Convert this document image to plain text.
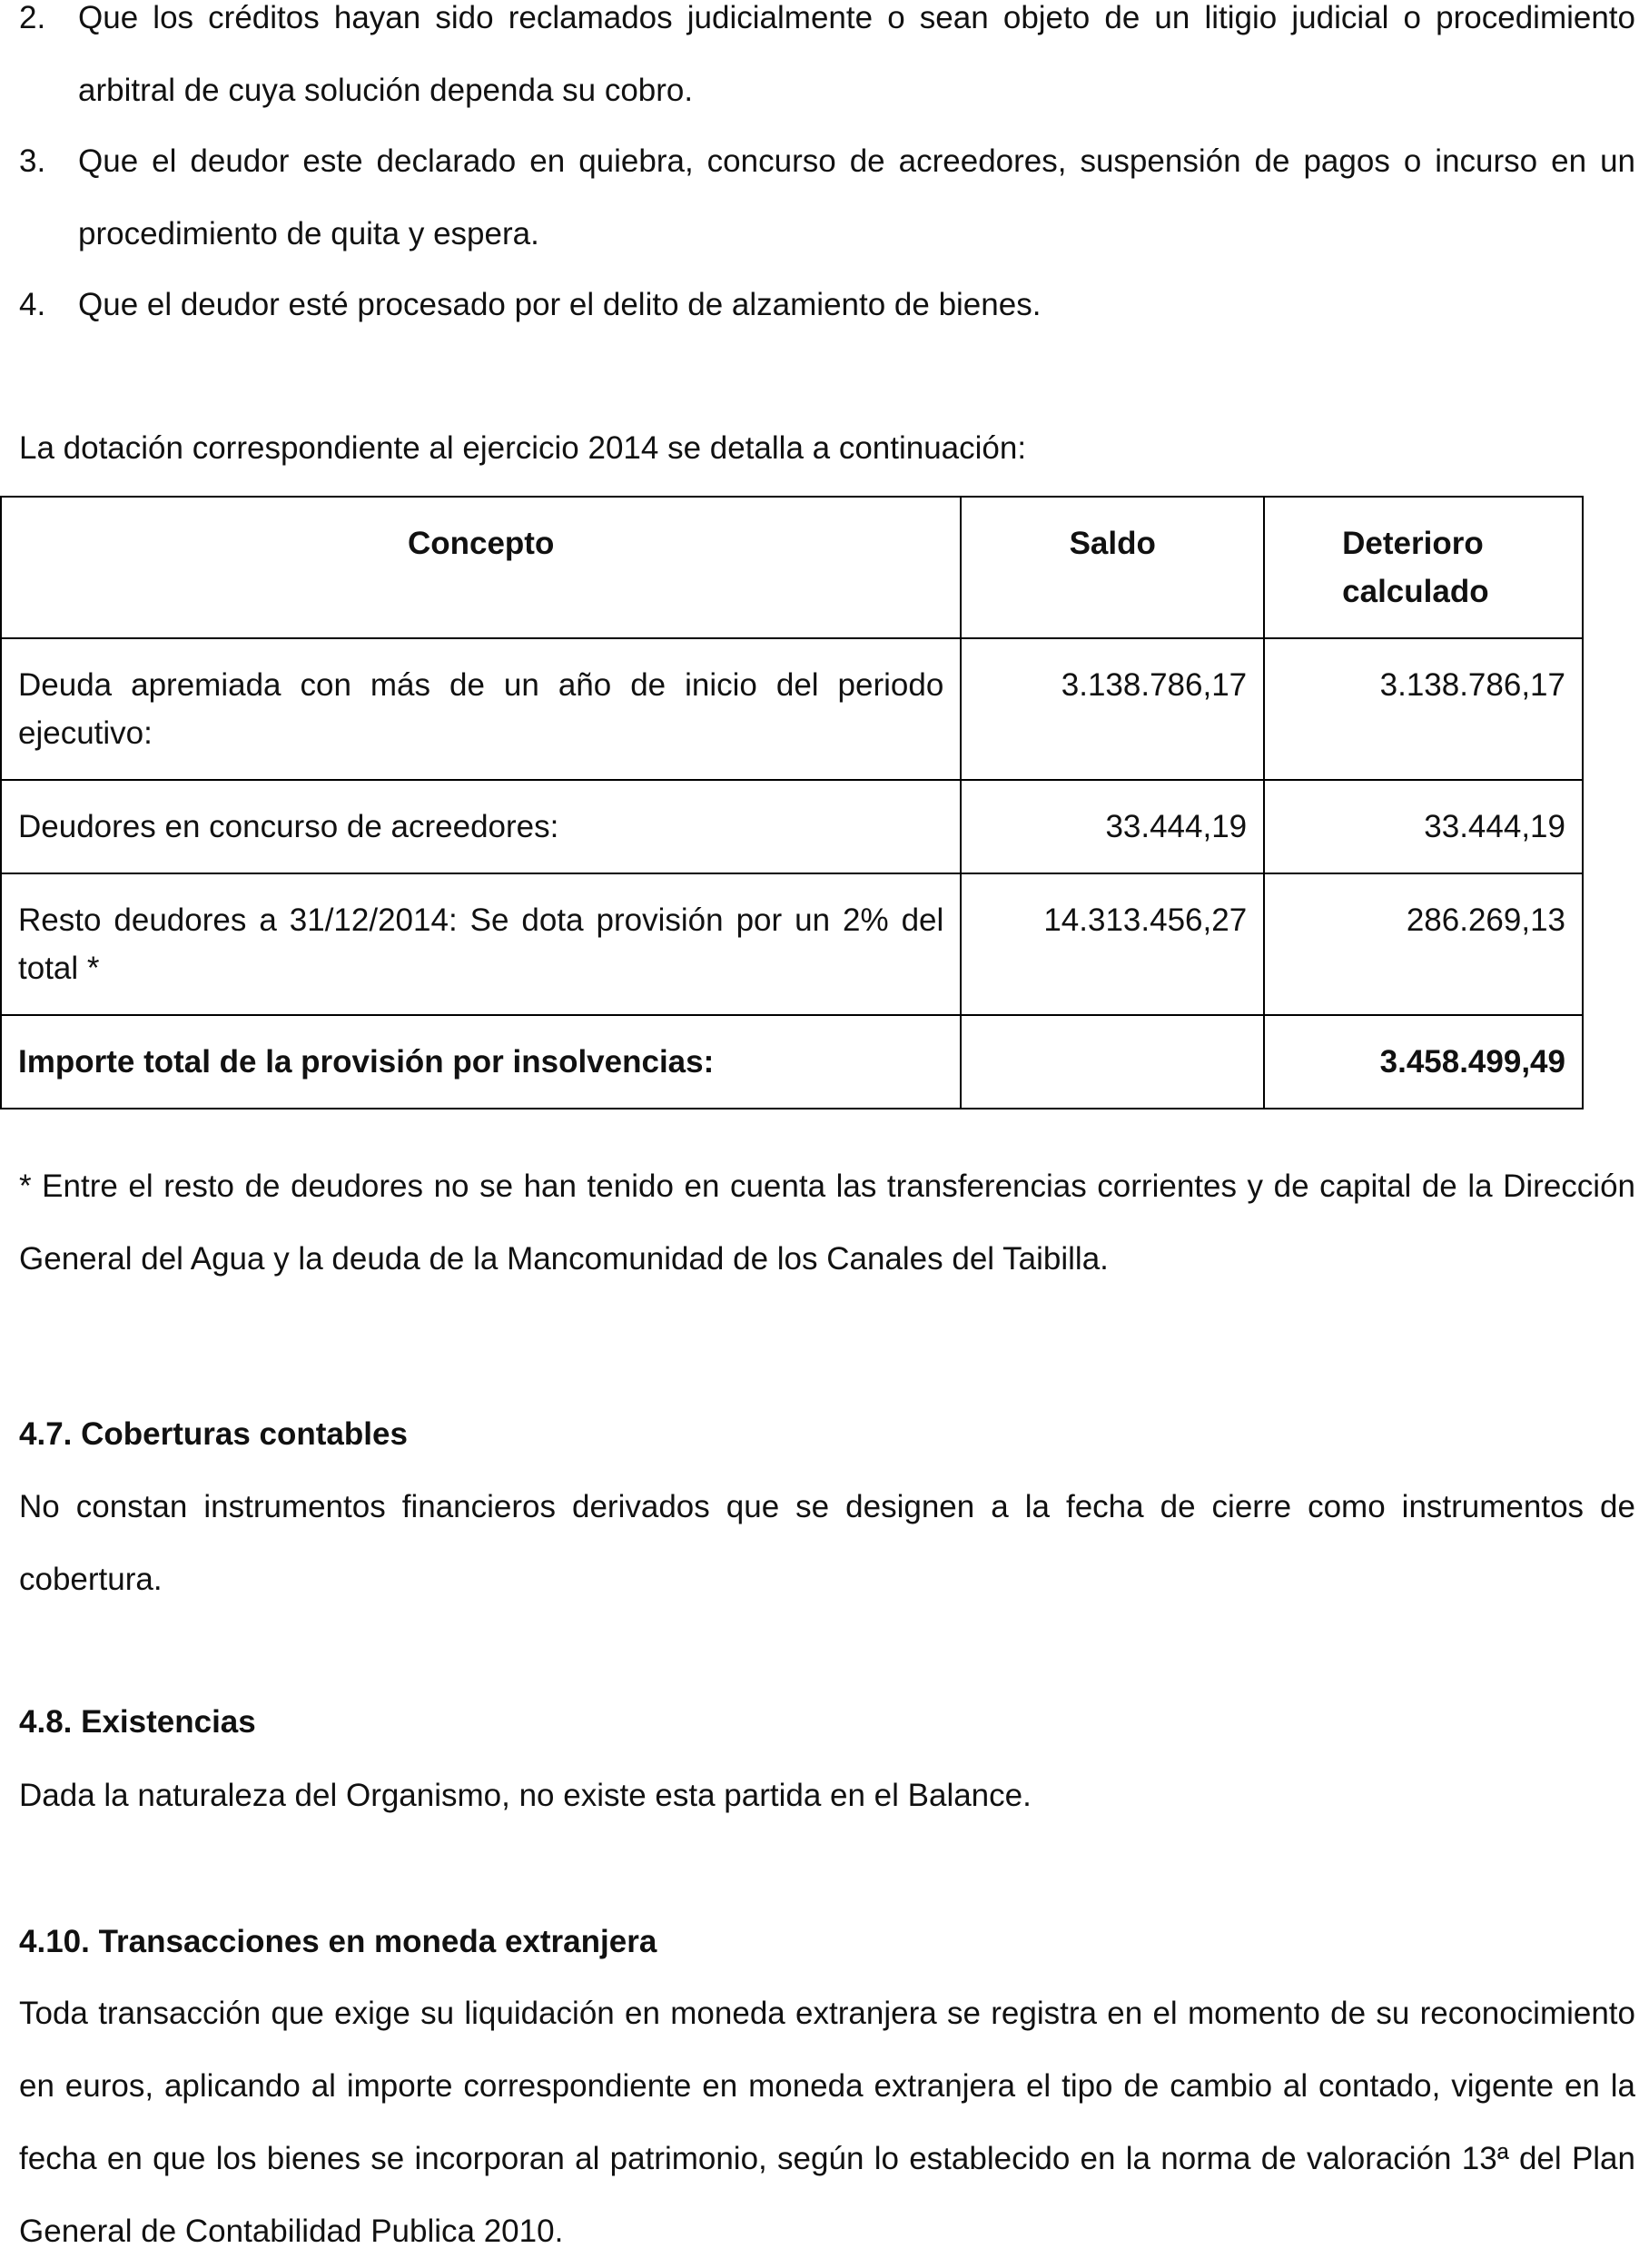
2.	Que los créditos hayan sido reclamados judicialmente o sean objeto de un litigio judicial o procedimiento arbitral de cuya solución dependa su cobro.
3.	Que el deudor este declarado en quiebra, concurso de acreedores, suspensión de pagos o incurso en un procedimiento de quita y espera.
4.	Que el deudor esté procesado por el delito de alzamiento de bienes.

La dotación correspondiente al ejercicio 2014 se detalla a continuación:

Concepto	Saldo	Deterioro calculado
Deuda apremiada con más de un año de inicio del periodo ejecutivo:	3.138.786,17	3.138.786,17
Deudores en concurso de acreedores:	33.444,19	33.444,19
Resto deudores a 31/12/2014: Se dota provisión por un 2% del total *	14.313.456,27	286.269,13
Importe total de la provisión por insolvencias:		3.458.499,49

* Entre el resto de deudores no se han tenido en cuenta las transferencias corrientes y de capital de la Dirección General del Agua y la deuda de la Mancomunidad de los Canales del Taibilla.

4.7. Coberturas contables

No constan instrumentos financieros derivados que se designen a la fecha de cierre como instrumentos de cobertura.

4.8. Existencias

Dada la naturaleza del Organismo, no existe esta partida en el Balance.

4.10. Transacciones en moneda extranjera

Toda transacción que exige su liquidación en moneda extranjera se registra en el momento de su reconocimiento en euros, aplicando al importe correspondiente en moneda extranjera el tipo de cambio al contado, vigente en la fecha en que los bienes se incorporan al patrimonio, según lo establecido en la norma de valoración 13ª del Plan General de Contabilidad Publica 2010.
